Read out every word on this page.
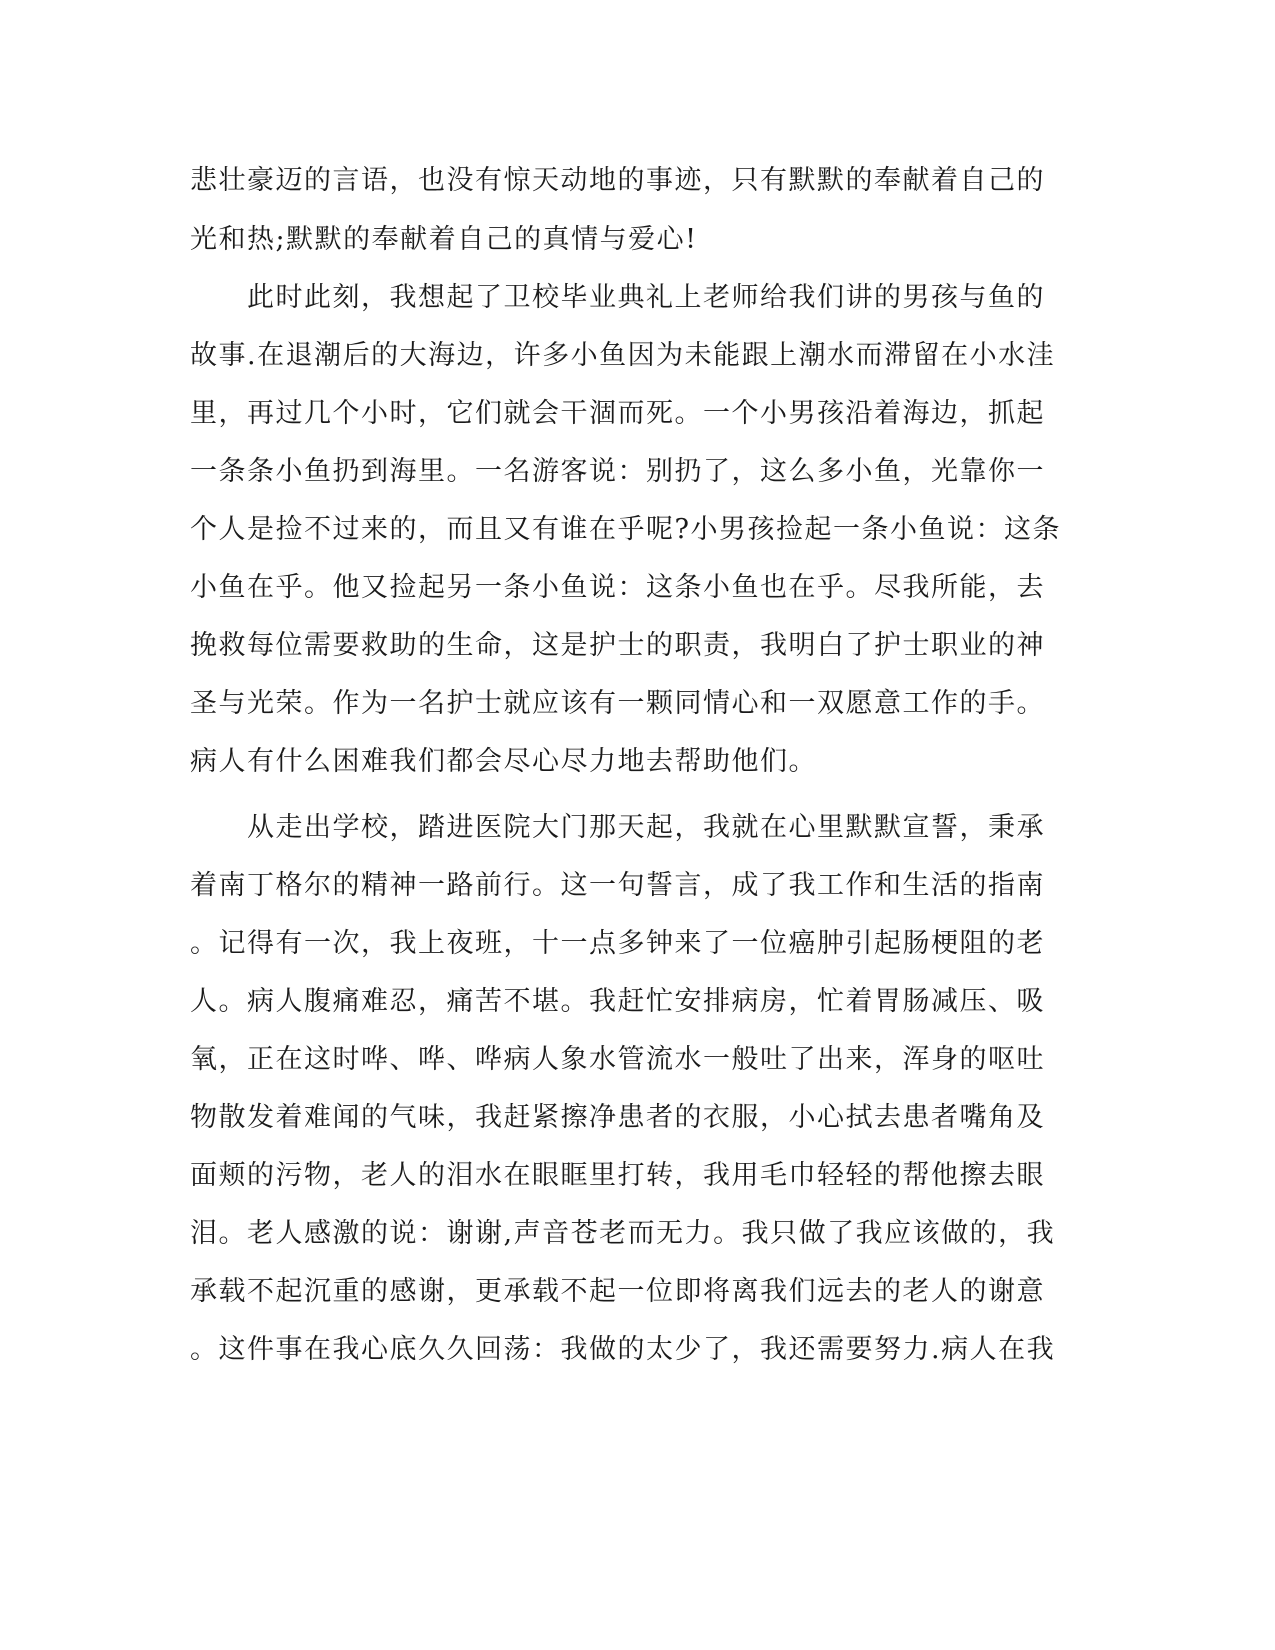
悲壮豪迈的言语，也没有惊天动地的事迹，只有默默的奉献着自己的
光和热;默默的奉献着自己的真情与爱心!
　　此时此刻，我想起了卫校毕业典礼上老师给我们讲的男孩与鱼的
故事.在退潮后的大海边，许多小鱼因为未能跟上潮水而滞留在小水洼
里，再过几个小时，它们就会干涸而死。一个小男孩沿着海边，抓起
一条条小鱼扔到海里。一名游客说：别扔了，这么多小鱼，光靠你一
个人是捡不过来的，而且又有谁在乎呢?小男孩捡起一条小鱼说：这条
小鱼在乎。他又捡起另一条小鱼说：这条小鱼也在乎。尽我所能，去
挽救每位需要救助的生命，这是护士的职责，我明白了护士职业的神
圣与光荣。作为一名护士就应该有一颗同情心和一双愿意工作的手。
病人有什么困难我们都会尽心尽力地去帮助他们。
　　从走出学校，踏进医院大门那天起，我就在心里默默宣誓，秉承
着南丁格尔的精神一路前行。这一句誓言，成了我工作和生活的指南
。记得有一次，我上夜班，十一点多钟来了一位癌肿引起肠梗阻的老
人。病人腹痛难忍，痛苦不堪。我赶忙安排病房，忙着胃肠减压、吸
氧，正在这时哗、哗、哗病人象水管流水一般吐了出来，浑身的呕吐
物散发着难闻的气味，我赶紧擦净患者的衣服，小心拭去患者嘴角及
面颊的污物，老人的泪水在眼眶里打转，我用毛巾轻轻的帮他擦去眼
泪。老人感激的说：谢谢,声音苍老而无力。我只做了我应该做的，我
承载不起沉重的感谢，更承载不起一位即将离我们远去的老人的谢意
。这件事在我心底久久回荡：我做的太少了，我还需要努力.病人在我
